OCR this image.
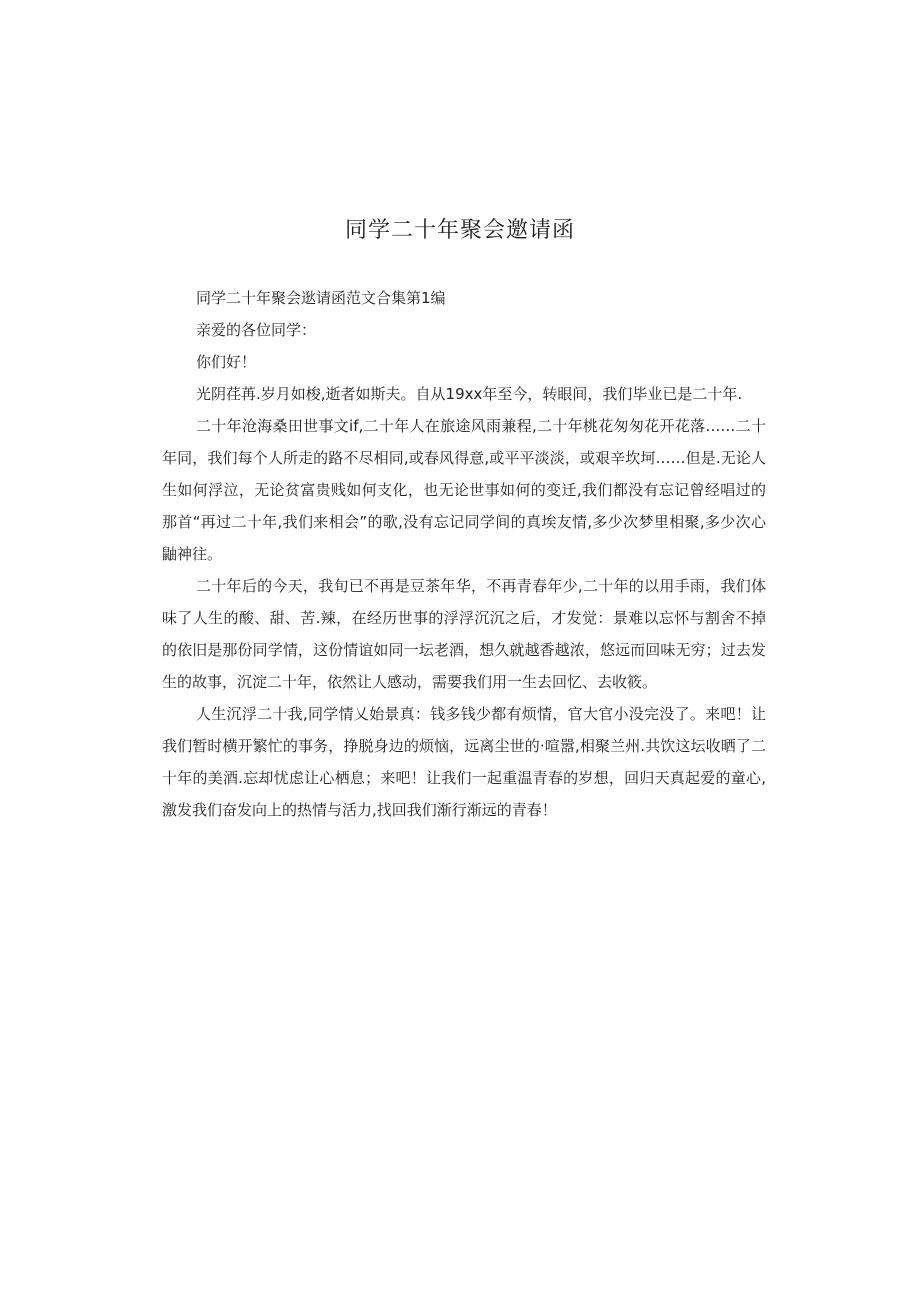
同学二十年聚会邀请函

同学二十年聚会逖请函范文合集第1编

亲爱的各位同学：

你们好！

光阴荏苒.岁月如梭,逝者如斯夫。自从19xx年至今，转眼间，我们毕业已是二十年.

二十年沧海桑田世事文if,二十年人在旅途风雨兼程,二十年桃花匆匆花开花落……二十年同，我们每个人所走的路不尽相同,或春风得意,或平平淡淡，或艰辛坎坷……但是.无论人生如何浮泣，无论贫富贵贱如何支化，也无论世事如何的变迁,我们都没有忘记曾经唱过的那首“再过二十年,我们来相会”的歌,没有忘记同学间的真埃友情,多少次梦里相聚,多少次心鼬神往。

二十年后的今天，我旬已不再是豆茶年华，不再青春年少,二十年的以用手雨，我们体味了人生的酸、甜、苦.辣，在经历世事的浮浮沉沉之后，才发觉：景难以忘怀与割舍不掉的依旧是那份同学情，这份情谊如同一坛老酒，想久就越香越浓，悠远而回味无穷；过去发生的故事，沉淀二十年，依然让人感动，需要我们用一生去回忆、去收筱。

人生沉浮二十我,同学情乂始景真：钱多钱少都有烦情，官大官小没完没了。来吧！让我们暂时横开繁忙的事务，挣脱身边的烦恼，远离尘世的·喧嚣,相聚兰州.共饮这坛收晒了二十年的美酒.忘却忧虑让心栖息；来吧！让我们一起重温青春的岁想，回归天真起爱的童心,激发我们奋发向上的热情与活力,找回我们渐行渐远的青春！
